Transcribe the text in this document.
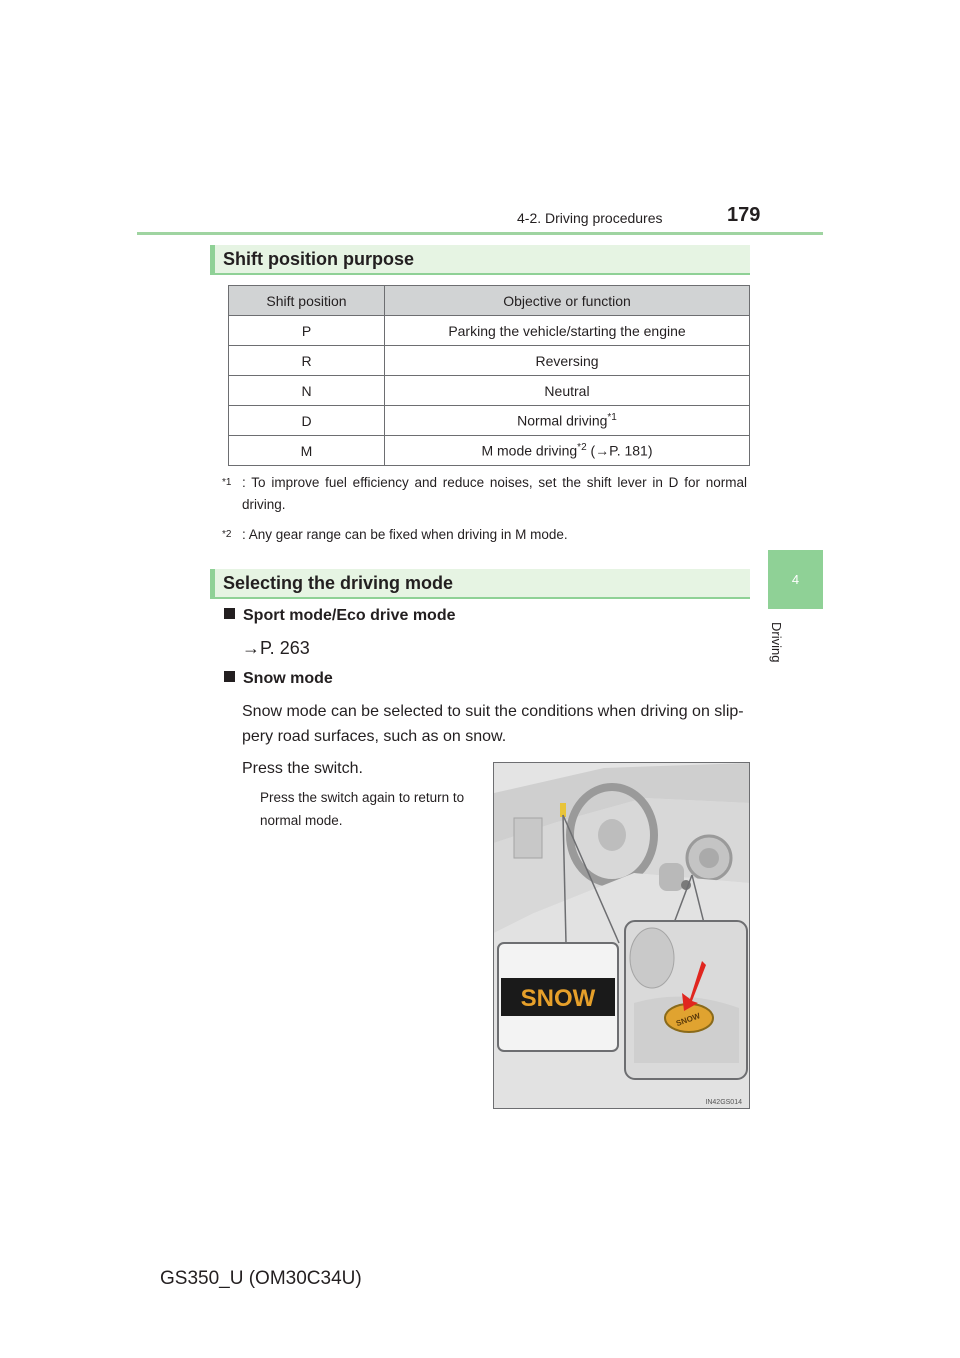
4-2. Driving procedures	179
4
Driving
Shift position purpose
Shift position	Objective or function
P	Parking the vehicle/starting the engine
R	Reversing
N	Neutral
D	Normal driving$^{*1}$
M	M mode driving$^{*2}$ (→P. 181)
$^{*1}$ : To improve fuel efficiency and reduce noises, set the shift lever in D for normal driving.
$^{*2}$ : Any gear range can be fixed when driving in M mode.
Selecting the driving mode
Sport mode/Eco drive mode
→P. 263
Snow mode
Snow mode can be selected to suit the conditions when driving on slip-
pery road surfaces, such as on snow.
Press the switch.
Press the switch again to return to
normal mode.
SNOW
SNOW
IN42GS014
GS350_U (OM30C34U)
